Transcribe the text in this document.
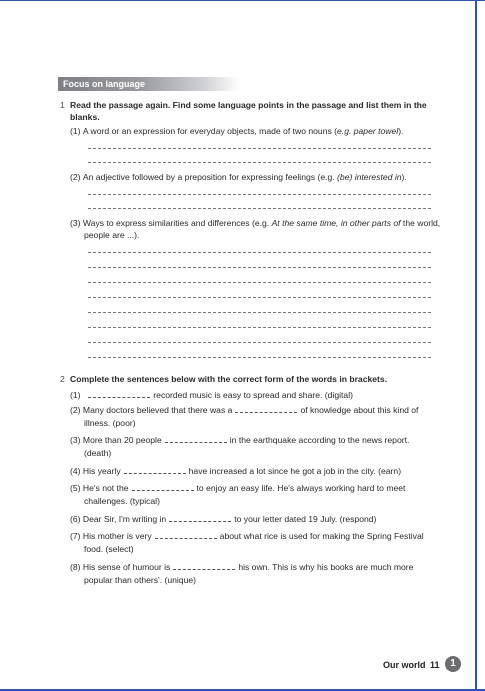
Focus on language
1 Read the passage again. Find some language points in the passage and list them in the
blanks.
(1) A word or an expression for everyday objects, made of two nouns (e.g. paper towel).
(2) An adjective followed by a preposition for expressing feelings (e.g. (be) interested in).
(3) Ways to express similarities and differences (e.g. At the same time, in other parts of the world,
people are ...).
2 Complete the sentences below with the correct form of the words in brackets.
(1)	recorded music is easy to spread and share. (digital)
(2) Many doctors believed that there was a	of knowledge about this kind of
illness. (poor)
(3) More than 20 people	in the earthquake according to the news report.
(death)
(4) His yearly	have increased a lot since he got a job in the city. (earn)
(5) He's not the	to enjoy an easy life. He's always working hard to meet
challenges. (typical)
(6) Dear Sir, I'm writing in	to your letter dated 19 July. (respond)
(7) His mother is very	about what rice is used for making the Spring Festival
food. (select)
(8) His sense of humour is	his own. This is why his books are much more
popular than others'. (unique)
Our world 11	1
